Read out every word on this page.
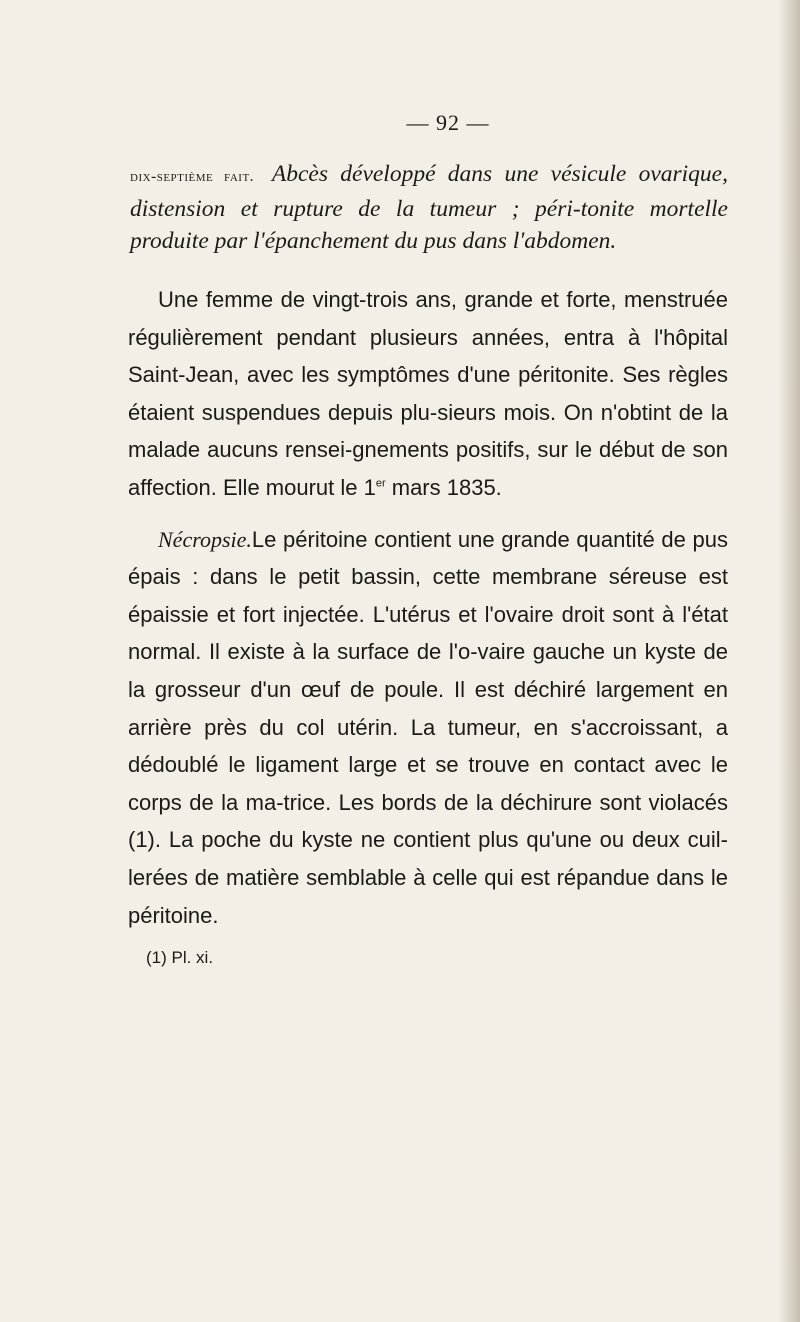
— 92 —

dix-septième fait. Abcès développé dans une vésicule ovarique, distension et rupture de la tumeur ; péri-tonite mortelle produite par l'épanchement du pus dans l'abdomen.

Une femme de vingt-trois ans, grande et forte, menstruée régulièrement pendant plusieurs années, entra à l'hôpital Saint-Jean, avec les symptômes d'une péritonite. Ses règles étaient suspendues depuis plu-sieurs mois. On n'obtint de la malade aucuns rensei-gnements positifs, sur le début de son affection. Elle mourut le 1er mars 1835.

Nécropsie.Le péritoine contient une grande quantité de pus épais : dans le petit bassin, cette membrane séreuse est épaissie et fort injectée. L'utérus et l'ovaire droit sont à l'état normal. Il existe à la surface de l'o-vaire gauche un kyste de la grosseur d'un œuf de poule. Il est déchiré largement en arrière près du col utérin. La tumeur, en s'accroissant, a dédoublé le ligament large et se trouve en contact avec le corps de la ma-trice. Les bords de la déchirure sont violacés (1). La poche du kyste ne contient plus qu'une ou deux cuil-lerées de matière semblable à celle qui est répandue dans le péritoine.

(1) Pl. xi.
